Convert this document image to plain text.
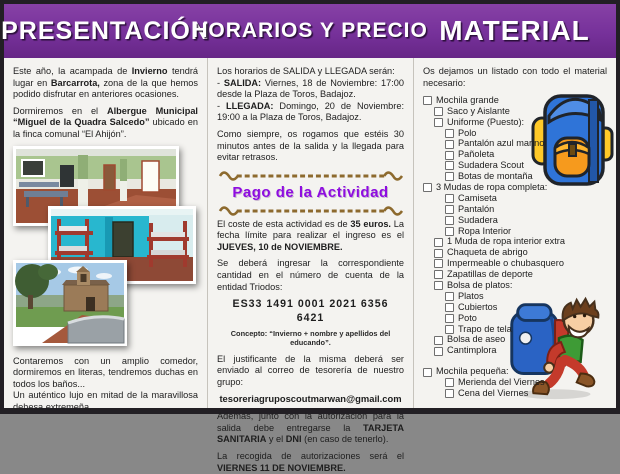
PRESENTACIÓN
HORARIOS Y PRECIO MATERIAL

Este año, la acampada de Invierno tendrá lugar en Barcarrota, zona de la que hemos podido disfrutar en anteriores ocasiones.

Dormiremos en el Albergue Municipal “Miguel de la Quadra Salcedo” ubicado en la finca comunal “El Ahijón”.

Contaremos con un amplio comedor, dormiremos en literas, tendremos duchas en todos los baños...
Un auténtico lujo en mitad de la maravillosa dehesa extremeña.

Los horarios de SALIDA y LLEGADA serán:
- SALIDA: Viernes, 18 de Noviembre: 17:00 desde la Plaza de Toros, Badajoz.
- LLEGADA: Domingo, 20 de Noviembre: 19:00 a la Plaza de Toros, Badajoz.

Como siempre, os rogamos que estéis 30 minutos antes de la salida y la llegada para evitar retrasos.

Pago de la Actividad

El coste de esta actividad es de 35 euros. La fecha límite para realizar el ingreso es el JUEVES, 10 de NOVIEMBRE.

Se deberá ingresar la correspondiente cantidad en el número de cuenta de la entidad Triodos:

ES33 1491 0001 2021 6356 6421
Concepto: “Invierno + nombre y apellidos del educando”.

El justificante de la misma deberá ser enviado al correo de tesorería de nuestro grupo:

tesoreriagruposcoutmarwan@gmail.com

Además, junto con la autorización para la salida debe entregarse la TARJETA SANITARIA y el DNI (en caso de tenerlo).

La recogida de autorizaciones será el VIERNES 11 DE NOVIEMBRE.

Os dejamos un listado con todo el material necesario:

Mochila grande
Saco y Aislante
Uniforme (Puesto):
Polo
Pantalón azul marino
Pañoleta
Sudadera Scout
Botas de montaña
3 Mudas de ropa completa:
Camiseta
Pantalón
Sudadera
Ropa Interior
1 Muda de ropa interior extra
Chaqueta de abrigo
Impermeable o chubasquero
Zapatillas de deporte
Bolsa de platos:
Platos
Cubiertos
Poto
Trapo de tela
Bolsa de aseo
Cantimplora
Mochila pequeña:
Merienda del Viernes
Cena del Viernes
